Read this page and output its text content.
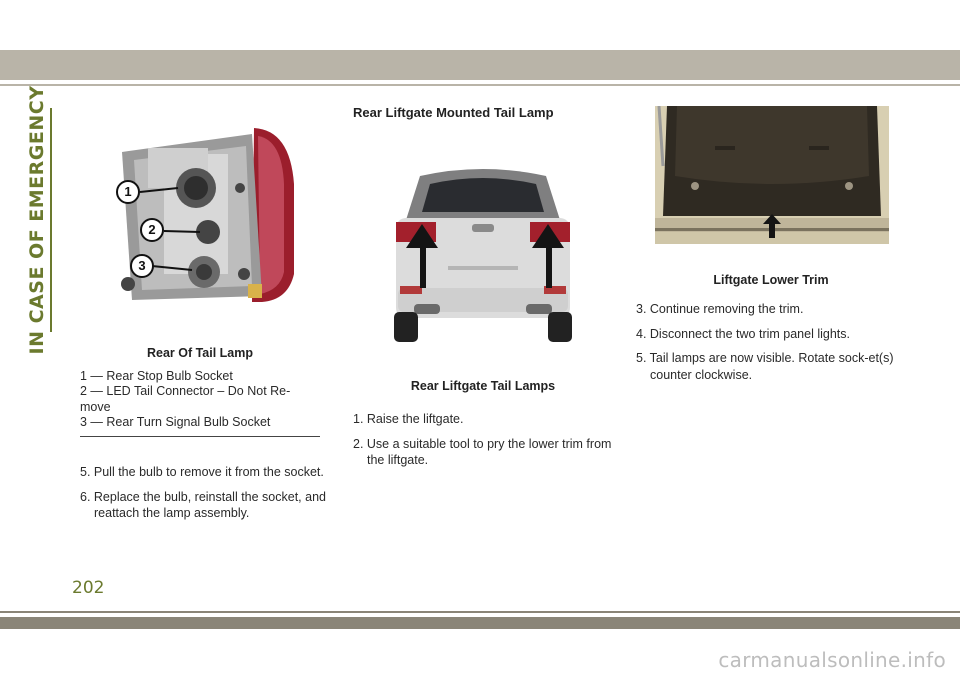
IN CASE OF EMERGENCY	1
2
3
Rear Of Tail Lamp
1 — Rear Stop Bulb Socket
2 — LED Tail Connector – Do Not Re-
move
3 — Rear Turn Signal Bulb Socket
5. Pull the bulb to remove it from the socket.
6. Replace the bulb, reinstall the socket, and reattach the lamp assembly.
Rear Liftgate Mounted Tail Lamp
Rear Liftgate Tail Lamps
1. Raise the liftgate.
2. Use a suitable tool to pry the lower trim from the liftgate.
Liftgate Lower Trim
3. Continue removing the trim.
4. Disconnect the two trim panel lights.
5. Tail lamps are now visible. Rotate sock-et(s) counter clockwise.
202
carmanualsonline.info
